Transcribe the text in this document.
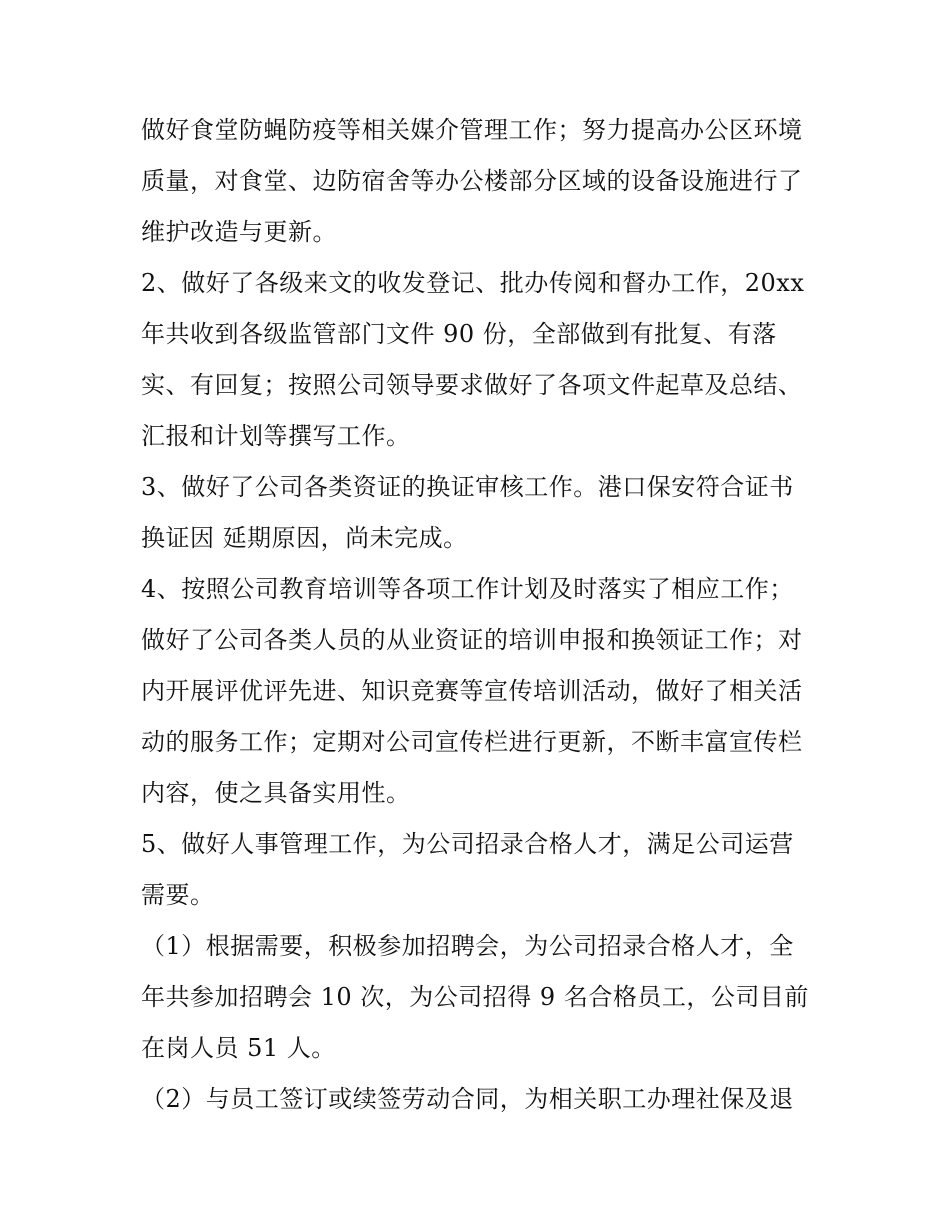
做好食堂防蝇防疫等相关媒介管理工作；努力提高办公区环境
质量，对食堂、边防宿舍等办公楼部分区域的设备设施进行了
维护改造与更新。
2、做好了各级来文的收发登记、批办传阅和督办工作，20xx
年共收到各级监管部门文件 90 份，全部做到有批复、有落
实、有回复；按照公司领导要求做好了各项文件起草及总结、
汇报和计划等撰写工作。
3、做好了公司各类资证的换证审核工作。港口保安符合证书
换证因 延期原因，尚未完成。
4、按照公司教育培训等各项工作计划及时落实了相应工作；
做好了公司各类人员的从业资证的培训申报和换领证工作；对
内开展评优评先进、知识竞赛等宣传培训活动，做好了相关活
动的服务工作；定期对公司宣传栏进行更新，不断丰富宣传栏
内容，使之具备实用性。
5、做好人事管理工作，为公司招录合格人才，满足公司运营
需要。
（1）根据需要，积极参加招聘会，为公司招录合格人才，全
年共参加招聘会 10 次，为公司招得 9 名合格员工，公司目前
在岗人员 51 人。
（2）与员工签订或续签劳动合同，为相关职工办理社保及退
